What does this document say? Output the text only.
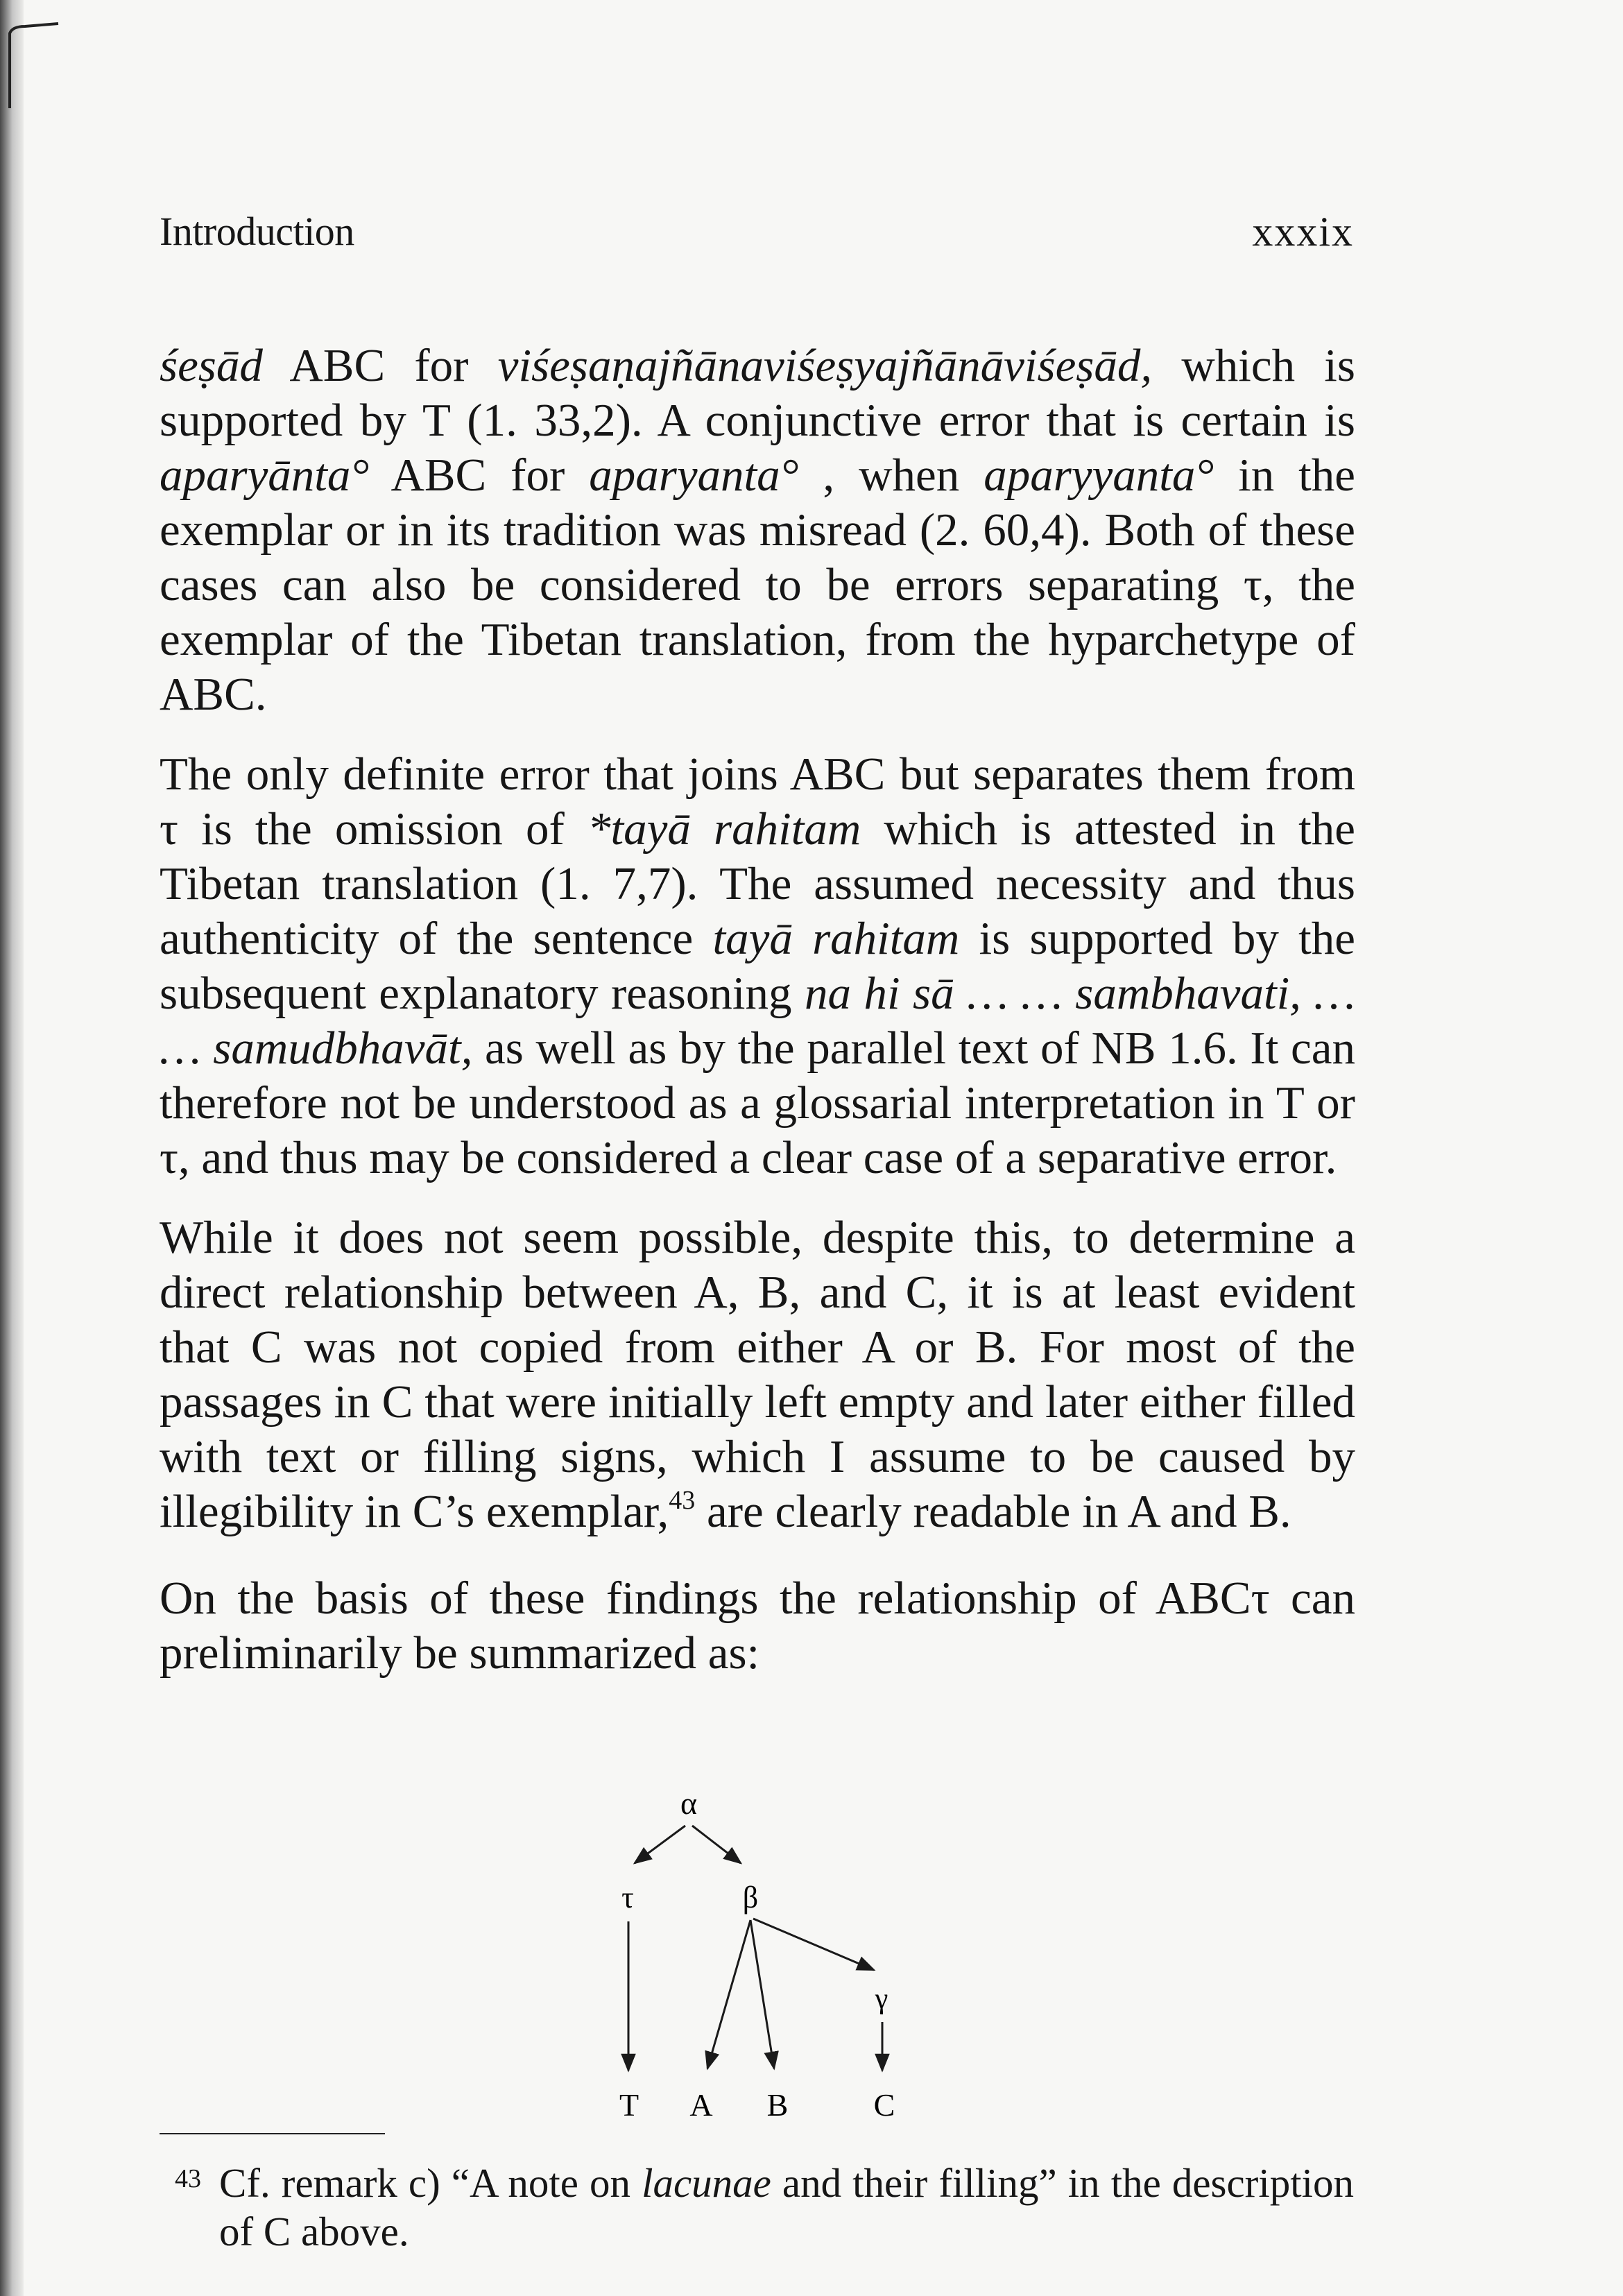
Introduction	xxxix

śeṣād ABC for viśeṣaṇajñānaviśeṣyajñānāviśeṣād, which is supported by T (1. 33,2). A conjunctive error that is certain is aparyānta° ABC for aparyanta° , when aparyyanta° in the exemplar or in its tradition was misread (2. 60,4). Both of these cases can also be considered to be errors separating τ, the exemplar of the Tibetan translation, from the hyparchetype of ABC.

The only definite error that joins ABC but separates them from τ is the omission of *tayā rahitam which is attested in the Tibetan translation (1. 7,7). The assumed necessity and thus authenticity of the sentence tayā rahitam is supported by the subsequent explanatory reasoning na hi sā … … sambhavati, … … samudbhavāt, as well as by the parallel text of NB 1.6. It can therefore not be understood as a glossarial interpretation in T or τ, and thus may be considered a clear case of a separative error.

While it does not seem possible, despite this, to determine a direct relationship between A, B, and C, it is at least evident that C was not copied from either A or B. For most of the passages in C that were initially left empty and later either filled with text or filling signs, which I assume to be caused by illegibility in C’s exemplar,$^{43}$ are clearly readable in A and B.

On the basis of these findings the relationship of ABCτ can preliminarily be summarized as:

α
τ	β
γ
T A B	C
43 Cf. remark c) “A note on lacunae and their filling” in the description of C above.
